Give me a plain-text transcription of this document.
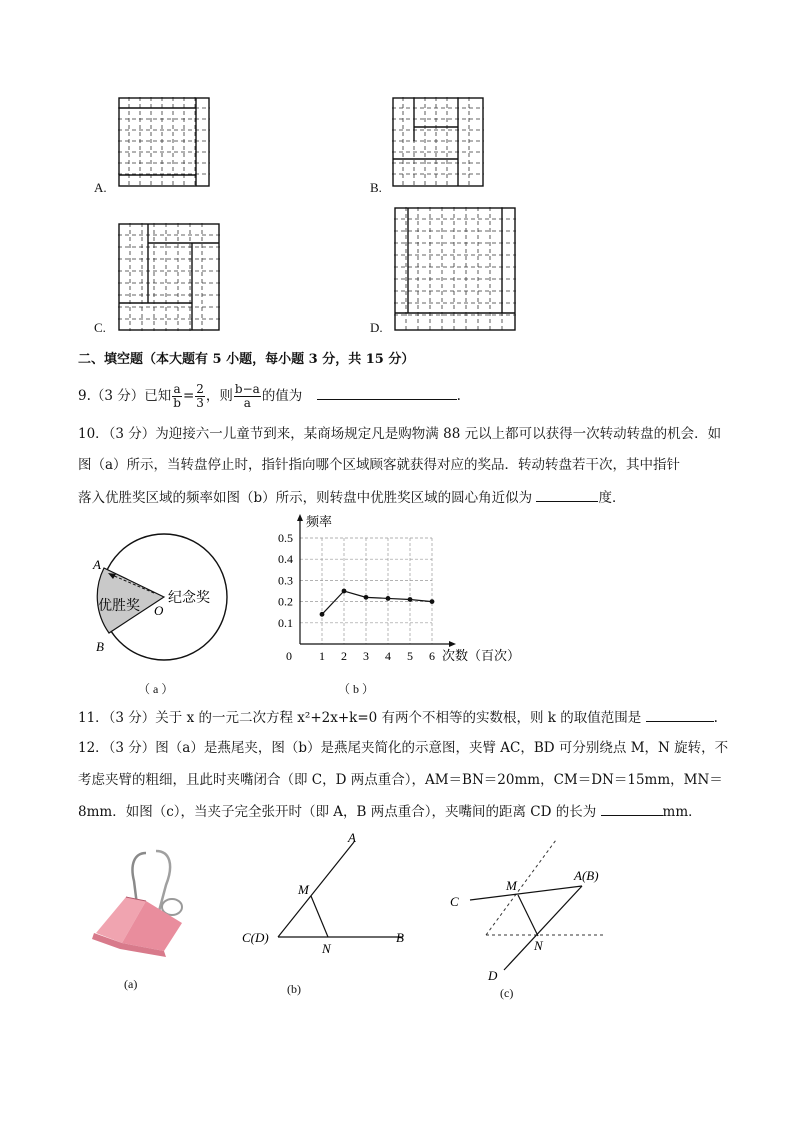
A.	B.
C.	D.
二、填空题（本大题有 5 小题，每小题 3 分，共 15 分）
9.（3 分）已知 $\frac{a}{b} = \frac{2}{3}$ ，则 $\frac{b-a}{a}$ 的值为	.
10．（3 分）为迎接六一儿童节到来，某商场规定凡是购物满 88 元以上都可以获得一次转动转盘的机会．如
图（a）所示，当转盘停止时，指针指向哪个区域顾客就获得对应的奖品．转动转盘若干次，其中指针
落入优胜奖区域的频率如图（b）所示，则转盘中优胜奖区域的圆心角近似为	度．
A
B
O
优胜奖
纪念奖
（ a ）
0 1 2 3 4 5 6
0.1
0.2
0.3
0.4
0.5
频率
次数（百次）
（ b ）
11．（3 分）关于 x 的一元二次方程 x²+2x+k=0 有两个不相等的实数根，则 k 的取值范围是	.
12．（3 分）图（a）是燕尾夹，图（b）是燕尾夹简化的示意图，夹臂 AC，BD 可分别绕点 M，N 旋转，不
考虑夹臂的粗细，且此时夹嘴闭合（即 C，D 两点重合），AM＝BN＝20mm，CM＝DN＝15mm，MN＝
8mm．如图（c），当夹子完全张开时（即 A，B 两点重合），夹嘴间的距离 CD 的长为	mm．
(a)
A
M
C(D)
N
B
(b)
C
M
A(B)
N
D
(c)
